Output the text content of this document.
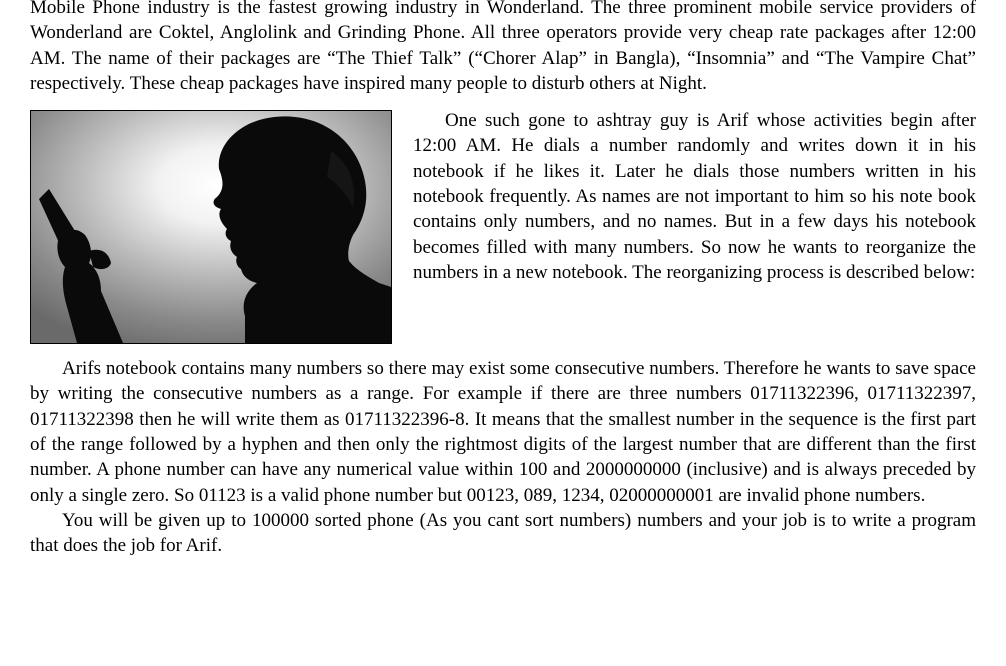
Mobile Phone industry is the fastest growing industry in Wonderland. The three prominent mobile service providers of Wonderland are Coktel, Anglolink and Grinding Phone. All three operators provide very cheap rate packages after 12:00 AM. The name of their packages are “The Thief Talk” (“Chorer Alap” in Bangla), “Insomnia” and “The Vampire Chat” respectively. These cheap packages have inspired many people to disturb others at Night.

One such gone to ashtray guy is Arif whose activities begin after 12:00 AM. He dials a number randomly and writes down it in his notebook if he likes it. Later he dials those numbers written in his notebook frequently. As names are not important to him so his note book contains only numbers, and no names. But in a few days his notebook becomes filled with many numbers. So now he wants to reorganize the numbers in a new notebook. The reorganizing process is described below:

Arifs notebook contains many numbers so there may exist some consecutive numbers. Therefore he wants to save space by writing the consecutive numbers as a range. For example if there are three numbers 01711322396, 01711322397, 01711322398 then he will write them as 01711322396-8. It means that the smallest number in the sequence is the first part of the range followed by a hyphen and then only the rightmost digits of the largest number that are different than the first number. A phone number can have any numerical value within 100 and 2000000000 (inclusive) and is always preceded by only a single zero. So 01123 is a valid phone number but 00123, 089, 1234, 02000000001 are invalid phone numbers.

You will be given up to 100000 sorted phone (As you cant sort numbers) numbers and your job is to write a program that does the job for Arif.
